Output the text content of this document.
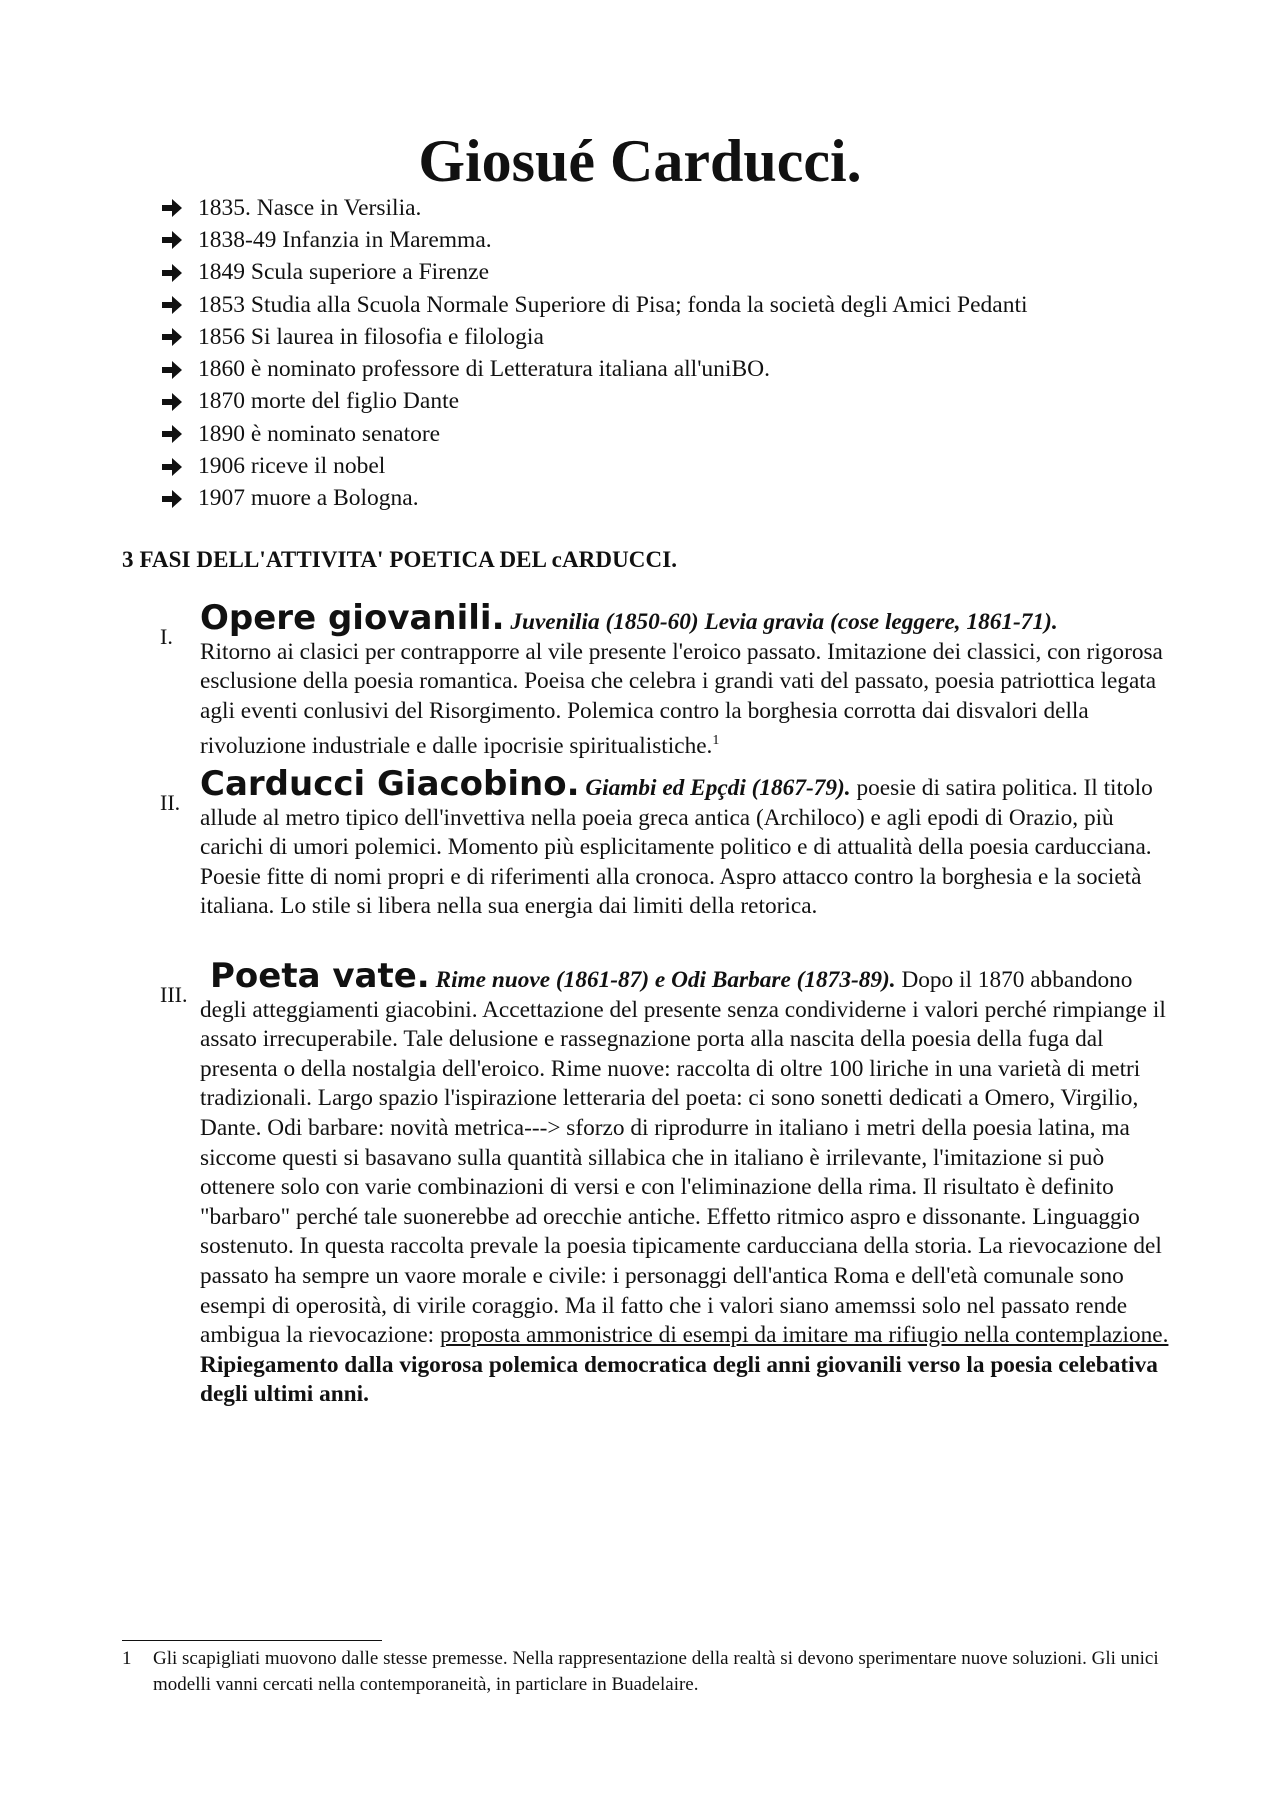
Giosué Carducci.
1835. Nasce in Versilia.
1838-49 Infanzia in Maremma.
1849 Scula superiore a Firenze
1853 Studia alla Scuola Normale Superiore di Pisa; fonda la società degli Amici Pedanti
1856 Si laurea in filosofia e filologia
1860 è nominato professore di Letteratura italiana all'uniBO.
1870 morte del figlio Dante
1890 è nominato senatore
1906 riceve il nobel
1907 muore a Bologna.

3 FASI DELL'ATTIVITA' POETICA DEL cARDUCCI.

I. Opere giovanili. Juvenilia (1850-60) Levia gravia (cose leggere, 1861-71).
Ritorno ai clasici per contrapporre al vile presente l'eroico passato. Imitazione dei classici, con rigorosa esclusione della poesia romantica. Poeisa che celebra i grandi vati del passato, poesia patriottica legata agli eventi conlusivi del Risorgimento. Polemica contro la borghesia corrotta dai disvalori della rivoluzione industriale e dalle ipocrisie spiritualistiche.$^1$
II. Carducci Giacobino. Giambi ed Epçdi (1867-79). poesie di satira politica. Il titolo allude al metro tipico dell'invettiva nella poeia greca antica (Archiloco) e agli epodi di Orazio, più carichi di umori polemici. Momento più esplicitamente politico e di attualità della poesia carducciana. Poesie fitte di nomi propri e di riferimenti alla cronoca. Aspro attacco contro la borghesia e la società italiana. Lo stile si libera nella sua energia dai limiti della retorica.
III. Poeta vate. Rime nuove (1861-87) e Odi Barbare (1873-89). Dopo il 1870 abbandono degli atteggiamenti giacobini. Accettazione del presente senza condividerne i valori perché rimpiange il assato irrecuperabile. Tale delusione e rassegnazione porta alla nascita della poesia della fuga dal presenta o della nostalgia dell'eroico. Rime nuove: raccolta di oltre 100 liriche in una varietà di metri tradizionali. Largo spazio l'ispirazione letteraria del poeta: ci sono sonetti dedicati a Omero, Virgilio, Dante. Odi barbare: novità metrica---> sforzo di riprodurre in italiano i metri della poesia latina, ma siccome questi si basavano sulla quantità sillabica che in italiano è irrilevante, l'imitazione si può ottenere solo con varie combinazioni di versi e con l'eliminazione della rima. Il risultato è definito "barbaro" perché tale suonerebbe ad orecchie antiche. Effetto ritmico aspro e dissonante. Linguaggio sostenuto. In questa raccolta prevale la poesia tipicamente carducciana della storia. La rievocazione del passato ha sempre un vaore morale e civile: i personaggi dell'antica Roma e dell'età comunale sono esempi di operosità, di virile coraggio. Ma il fatto che i valori siano amemssi solo nel passato rende ambigua la rievocazione: proposta ammonistrice di esempi da imitare ma rifiugio nella contemplazione. Ripiegamento dalla vigorosa polemica democratica degli anni giovanili verso la poesia celebativa degli ultimi anni.
1 Gli scapigliati muovono dalle stesse premesse. Nella rappresentazione della realtà si devono sperimentare nuove soluzioni. Gli unici modelli vanni cercati nella contemporaneità, in particlare in Buadelaire.
